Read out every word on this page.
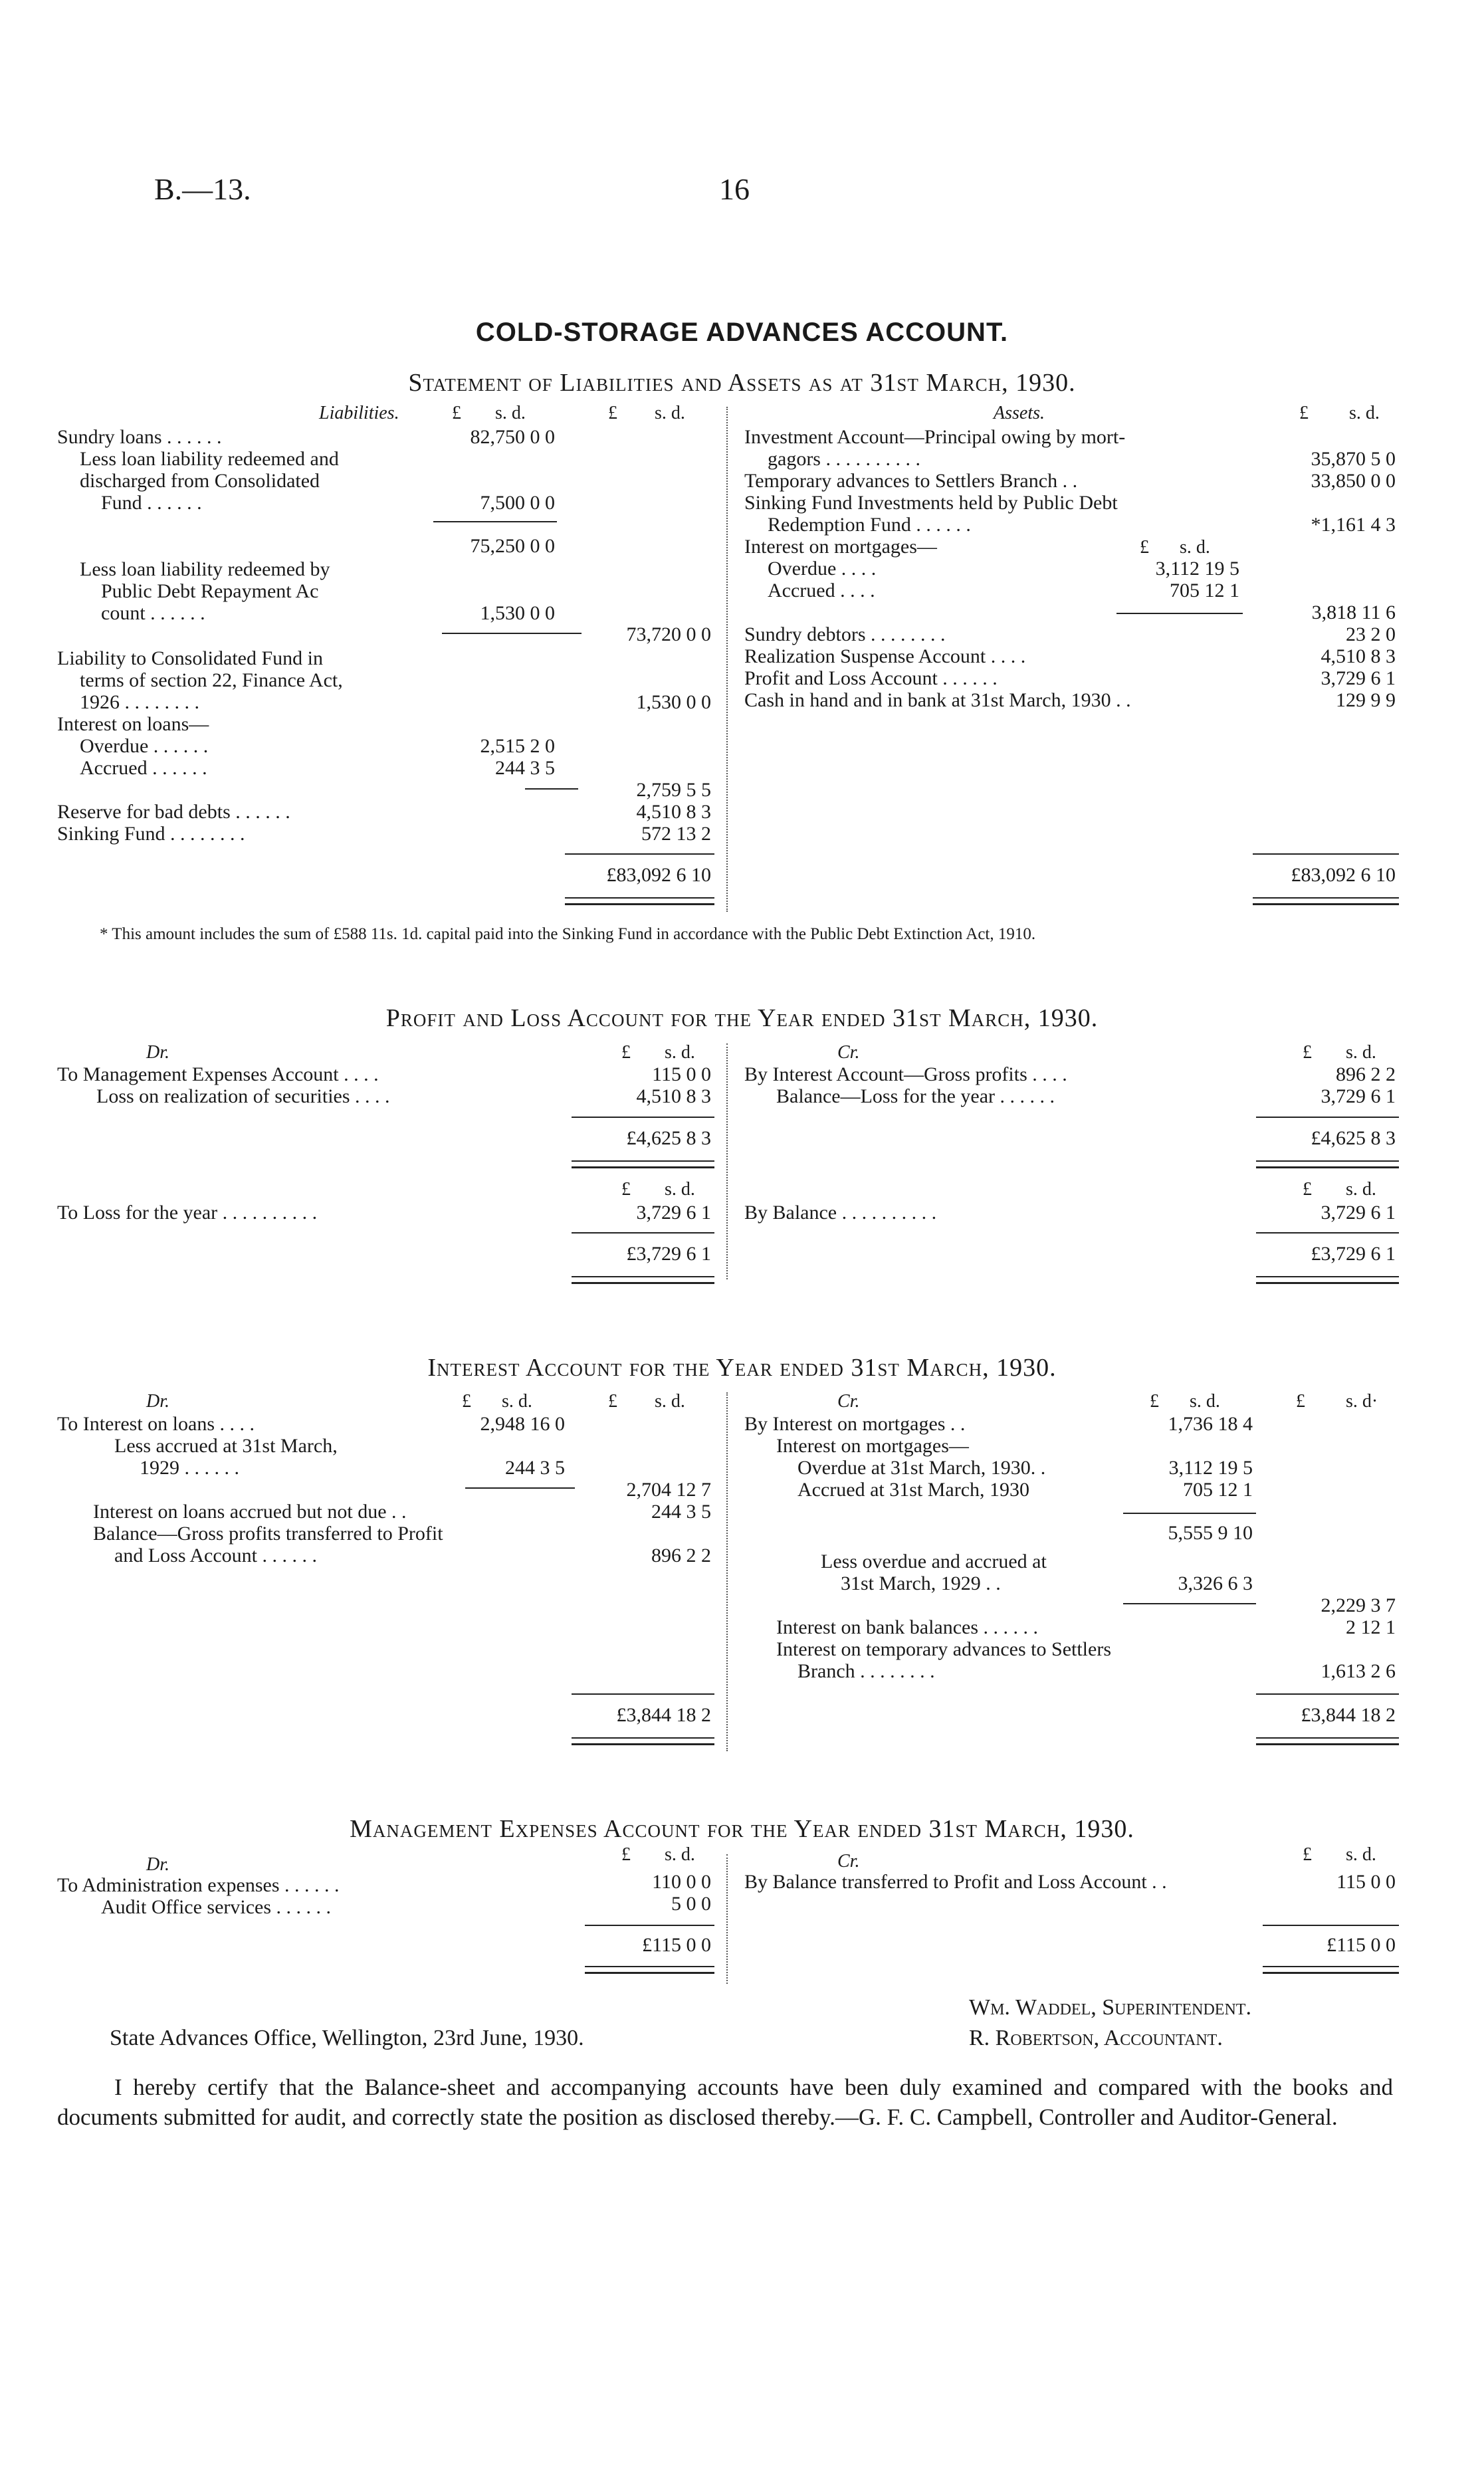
B.—13.	16
COLD-STORAGE ADVANCES ACCOUNT.
Statement of Liabilities and Assets as at 31st March, 1930.
Liabilities.	£ s. d.	£ s. d.	Assets.	£ s. d.
Sundry loans . . . . . .	82,750 0 0
Less loan liability redeemed and
discharged from Consolidated
Fund . . . . . .	7,500 0 0
75,250 0 0
Less loan liability redeemed by
Public Debt Repayment Ac
count . . . . . .	1,530 0 0
73,720 0 0
Liability to Consolidated Fund in
terms of section 22, Finance Act,
1926 . . . . . . . .	1,530 0 0
Interest on loans—
Overdue . . . . . .	2,515 2 0
Accrued . . . . . .	244 3 5
2,759 5 5
Reserve for bad debts . . . . . .	4,510 8 3
Sinking Fund . . . . . . . .	572 13 2
£83,092 6 10
Investment Account—Principal owing by mort-
gagors . . . . . . . . . .	35,870 5 0
Temporary advances to Settlers Branch . .	33,850 0 0
Sinking Fund Investments held by Public Debt
Redemption Fund . . . . . .	*1,161 4 3
Interest on mortgages—	£ s. d.
Overdue . . . .	3,112 19 5
Accrued . . . .	705 12 1
3,818 11 6
Sundry debtors . . . . . . . .	23 2 0
Realization Suspense Account . . . .	4,510 8 3
Profit and Loss Account . . . . . .	3,729 6 1
Cash in hand and in bank at 31st March, 1930 . .	129 9 9
£83,092 6 10
* This amount includes the sum of £588 11s. 1d. capital paid into the Sinking Fund in accordance with the Public Debt Extinction Act, 1910.
Profit and Loss Account for the Year ended 31st March, 1930.
Dr.	£ s. d.	Cr.	£ s. d.
To Management Expenses Account . . . .	115 0 0
Loss on realization of securities . . . .	4,510 8 3
£4,625 8 3
By Interest Account—Gross profits . . . .	896 2 2
Balance—Loss for the year . . . . . .	3,729 6 1
£4,625 8 3
£ s. d.	£ s. d.
To Loss for the year . . . . . . . . . .	3,729 6 1
£3,729 6 1
By Balance . . . . . . . . . .	3,729 6 1
£3,729 6 1
Interest Account for the Year ended 31st March, 1930.
Dr.	£ s. d.	£ s. d.	Cr.	£ s. d.	£ s. d·
To Interest on loans . . . .	2,948 16 0
Less accrued at 31st March,
1929 . . . . . .	244 3 5
2,704 12 7
Interest on loans accrued but not due . .	244 3 5
Balance—Gross profits transferred to Profit
and Loss Account . . . . . .	896 2 2
£3,844 18 2
By Interest on mortgages . .	1,736 18 4
Interest on mortgages—
Overdue at 31st March, 1930. .	3,112 19 5
Accrued at 31st March, 1930	705 12 1
5,555 9 10
Less overdue and accrued at
31st March, 1929 . .	3,326 6 3
2,229 3 7
Interest on bank balances . . . . . .	2 12 1
Interest on temporary advances to Settlers
Branch . . . . . . . .	1,613 2 6
£3,844 18 2
Management Expenses Account for the Year ended 31st March, 1930.
Dr.	£ s. d.	Cr.	£ s. d.
To Administration expenses . . . . . .	110 0 0
Audit Office services . . . . . .	5 0 0
£115 0 0
By Balance transferred to Profit and Loss Account . .	115 0 0
£115 0 0
Wm. Waddel, Superintendent.
State Advances Office, Wellington, 23rd June, 1930.	R. Robertson, Accountant.
I hereby certify that the Balance-sheet and accompanying accounts have been duly examined and compared with the books and documents submitted for audit, and correctly state the position as disclosed thereby.—G. F. C. Campbell, Controller and Auditor-General.
